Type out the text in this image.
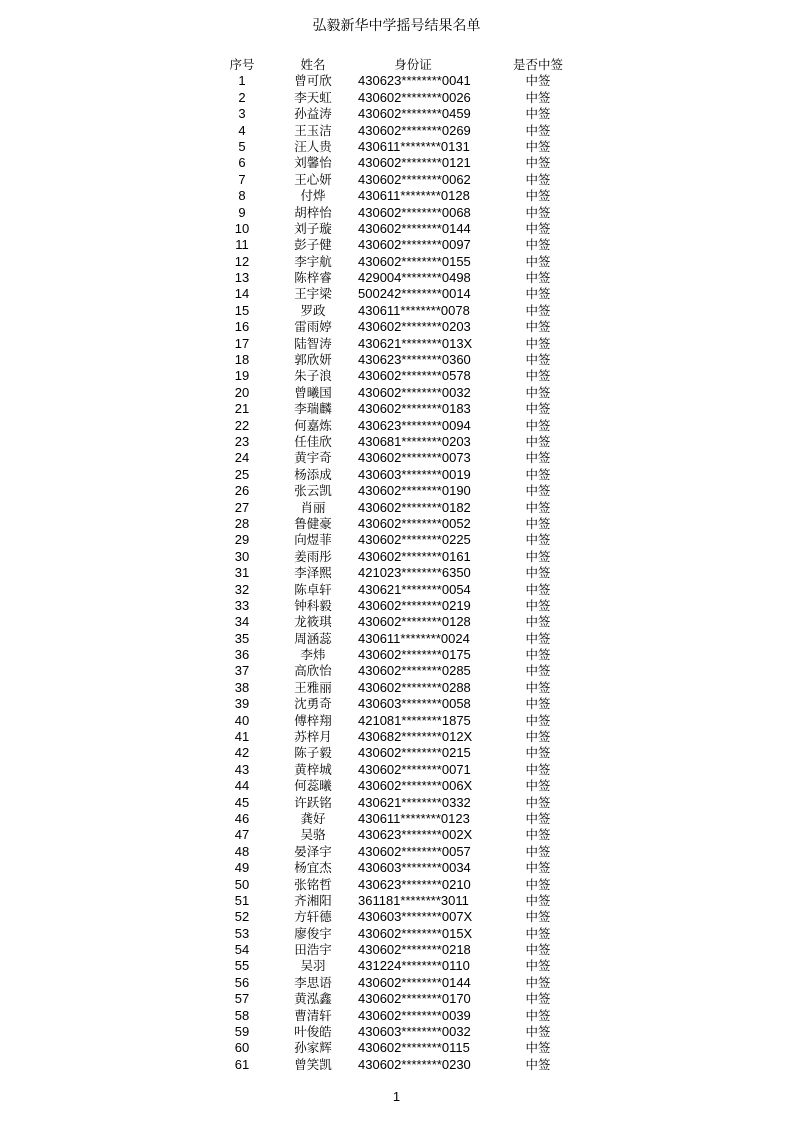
弘毅新华中学摇号结果名单
序号	姓名	身份证	是否中签
1	曾可欣	430623********0041	中签
2	李天虹	430602********0026	中签
3	孙益涛	430602********0459	中签
4	王玉洁	430602********0269	中签
5	汪人贵	430611********0131	中签
6	刘馨怡	430602********0121	中签
7	王心妍	430602********0062	中签
8	付烨	430611********0128	中签
9	胡梓怡	430602********0068	中签
10	刘子璇	430602********0144	中签
11	彭子健	430602********0097	中签
12	李宇航	430602********0155	中签
13	陈梓睿	429004********0498	中签
14	王宇梁	500242********0014	中签
15	罗政	430611********0078	中签
16	雷雨婷	430602********0203	中签
17	陆智涛	430621********013X	中签
18	郭欣妍	430623********0360	中签
19	朱子浪	430602********0578	中签
20	曾曦国	430602********0032	中签
21	李瑞麟	430602********0183	中签
22	何嘉炼	430623********0094	中签
23	任佳欣	430681********0203	中签
24	黄宇奇	430602********0073	中签
25	杨添成	430603********0019	中签
26	张云凯	430602********0190	中签
27	肖丽	430602********0182	中签
28	鲁健豪	430602********0052	中签
29	向煜菲	430602********0225	中签
30	姜雨彤	430602********0161	中签
31	李泽熙	421023********6350	中签
32	陈卓轩	430621********0054	中签
33	钟科毅	430602********0219	中签
34	龙筱琪	430602********0128	中签
35	周涵蕊	430611********0024	中签
36	李炜	430602********0175	中签
37	高欣怡	430602********0285	中签
38	王雅丽	430602********0288	中签
39	沈勇奇	430603********0058	中签
40	傅梓翔	421081********1875	中签
41	苏梓月	430682********012X	中签
42	陈子毅	430602********0215	中签
43	黄梓城	430602********0071	中签
44	何蕊曦	430602********006X	中签
45	许跃铭	430621********0332	中签
46	龚好	430611********0123	中签
47	吴骆	430623********002X	中签
48	晏泽宇	430602********0057	中签
49	杨宜杰	430603********0034	中签
50	张铭哲	430623********0210	中签
51	齐湘阳	361181********3011	中签
52	方轩德	430603********007X	中签
53	廖俊宇	430602********015X	中签
54	田浩宇	430602********0218	中签
55	吴羽	431224********0110	中签
56	李思语	430602********0144	中签
57	黄泓鑫	430602********0170	中签
58	曹清轩	430602********0039	中签
59	叶俊皓	430603********0032	中签
60	孙家辉	430602********0115	中签
61	曾笑凯	430602********0230	中签
1
